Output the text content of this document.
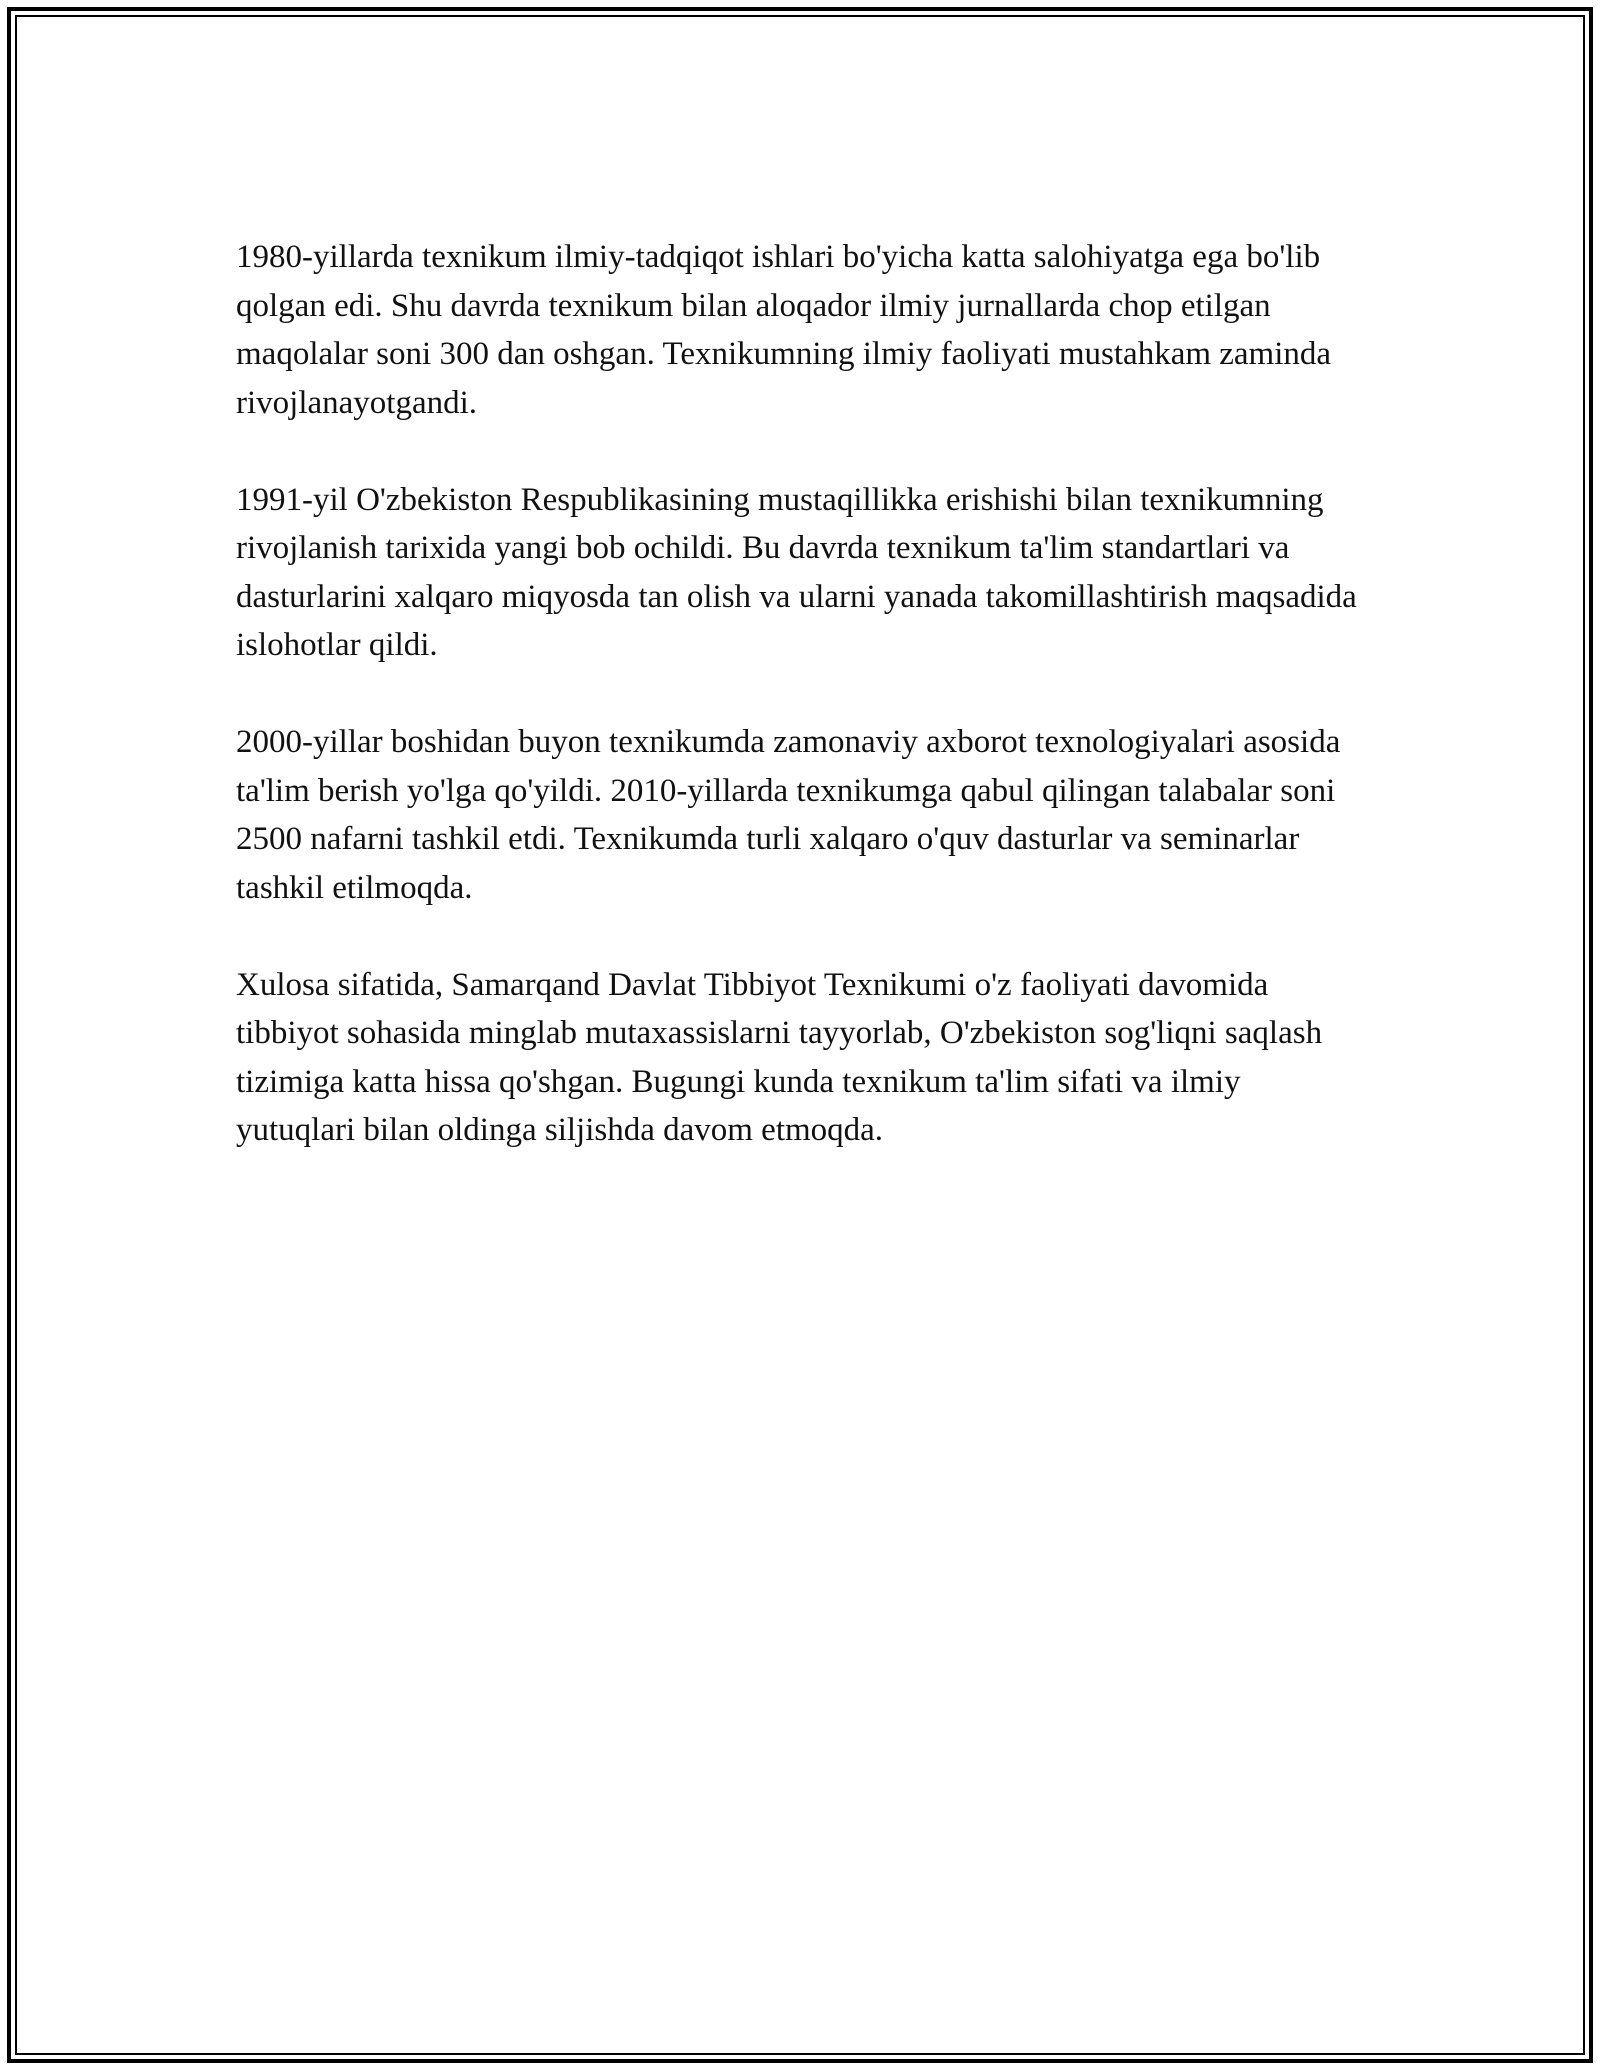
1980-yillarda texnikum ilmiy-tadqiqot ishlari bo'yicha katta salohiyatga ega bo'lib qolgan edi. Shu davrda texnikum bilan aloqador ilmiy jurnallarda chop etilgan maqolalar soni 300 dan oshgan. Texnikumning ilmiy faoliyati mustahkam zaminda rivojlanayotgandi.

1991-yil O'zbekiston Respublikasining mustaqillikka erishishi bilan texnikumning rivojlanish tarixida yangi bob ochildi. Bu davrda texnikum ta'lim standartlari va dasturlarini xalqaro miqyosda tan olish va ularni yanada takomillashtirish maqsadida islohotlar qildi.

2000-yillar boshidan buyon texnikumda zamonaviy axborot texnologiyalari asosida ta'lim berish yo'lga qo'yildi. 2010-yillarda texnikumga qabul qilingan talabalar soni 2500 nafarni tashkil etdi. Texnikumda turli xalqaro o'quv dasturlar va seminarlar tashkil etilmoqda.

Xulosa sifatida, Samarqand Davlat Tibbiyot Texnikumi o'z faoliyati davomida tibbiyot sohasida minglab mutaxassislarni tayyorlab, O'zbekiston sog'liqni saqlash tizimiga katta hissa qo'shgan. Bugungi kunda texnikum ta'lim sifati va ilmiy yutuqlari bilan oldinga siljishda davom etmoqda.
